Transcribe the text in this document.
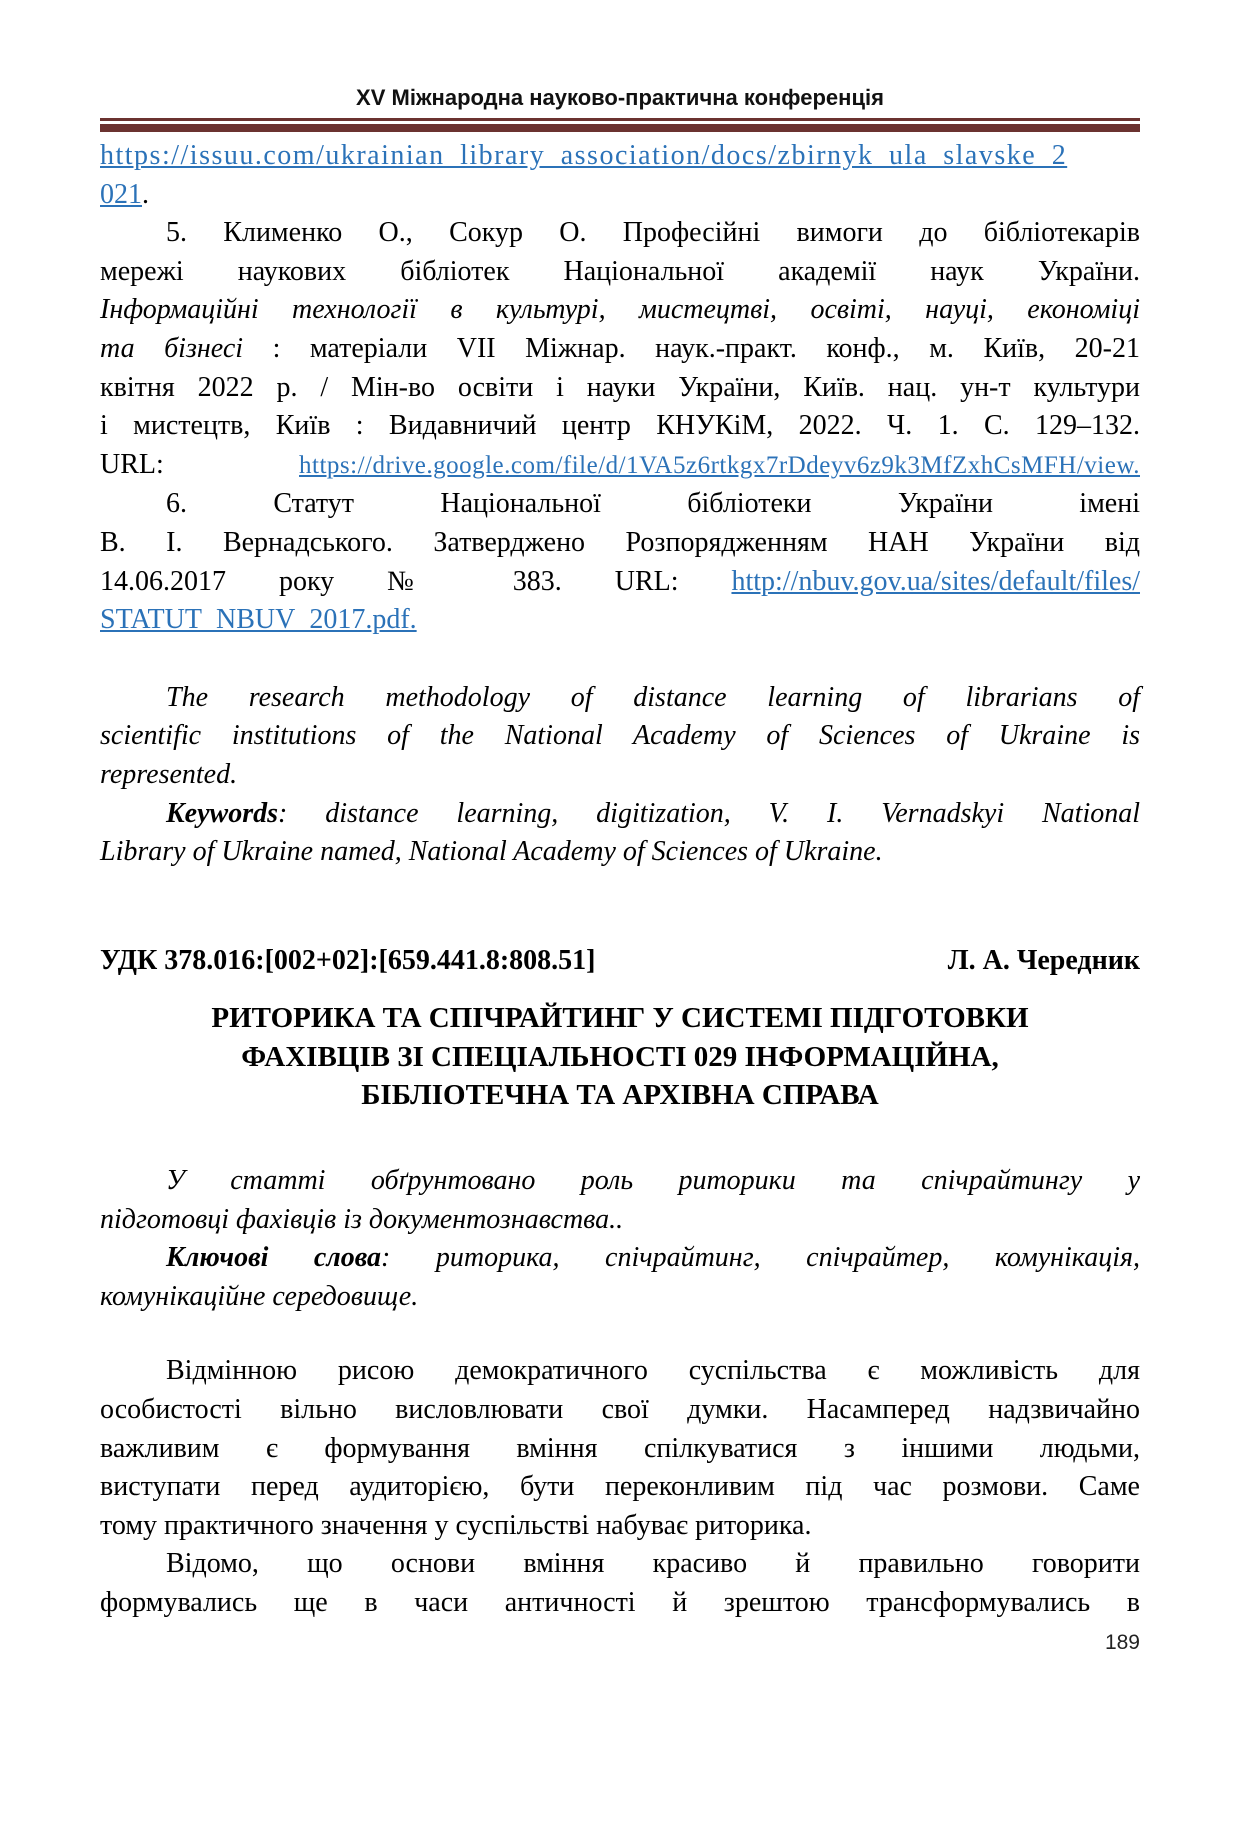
XV Міжнародна науково-практична конференція
https://issuu.com/ukrainian_library_association/docs/zbirnyk_ula_slavske_2
021.
5. Клименко О., Сокур О. Професійні вимоги до бібліотекарів
мережі наукових бібліотек Національної академії наук України.
Інформаційні технології в культурі, мистецтві, освіті, науці, економіці
та бізнесі : матеріали VII Міжнар. наук.-практ. конф., м. Київ, 20-21
квітня 2022 р. / Мін-во освіти і науки України, Київ. нац. ун-т культури
і мистецтв, Київ : Видавничий центр КНУКіМ, 2022. Ч. 1. С. 129–132.
URL: https://drive.google.com/file/d/1VA5z6rtkgx7rDdeyv6z9k3MfZxhCsMFH/view.
6. Статут Національної бібліотеки України імені
В. І. Вернадського. Затверджено Розпорядженням НАН України від
14.06.2017 року № 383. URL: http://nbuv.gov.ua/sites/default/files/
STATUT_NBUV_2017.pdf.
The research methodology of distance learning of librarians of
scientific institutions of the National Academy of Sciences of Ukraine is
represented.
Keywords: distance learning, digitization, V. I. Vernadskyi National
Library of Ukraine named, National Academy of Sciences of Ukraine.
УДК 378.016:[002+02]:[659.441.8:808.51]	Л. А. Чередник
РИТОРИКА ТА СПІЧРАЙТИНГ У СИСТЕМІ ПІДГОТОВКИ
ФАХІВЦІВ ЗІ СПЕЦІАЛЬНОСТІ 029 ІНФОРМАЦІЙНА,
БІБЛІОТЕЧНА ТА АРХІВНА СПРАВА
У статті обґрунтовано роль риторики та спічрайтингу у
підготовці фахівців із документознавства..
Ключові слова: риторика, спічрайтинг, спічрайтер, комунікація,
комунікаційне середовище.
Відмінною рисою демократичного суспільства є можливість для
особистості вільно висловлювати свої думки. Насамперед надзвичайно
важливим є формування вміння спілкуватися з іншими людьми,
виступати перед аудиторією, бути переконливим під час розмови. Саме
тому практичного значення у суспільстві набуває риторика.
Відомо, що основи вміння красиво й правильно говорити
формувались ще в часи античності й зрештою трансформувались в
189
